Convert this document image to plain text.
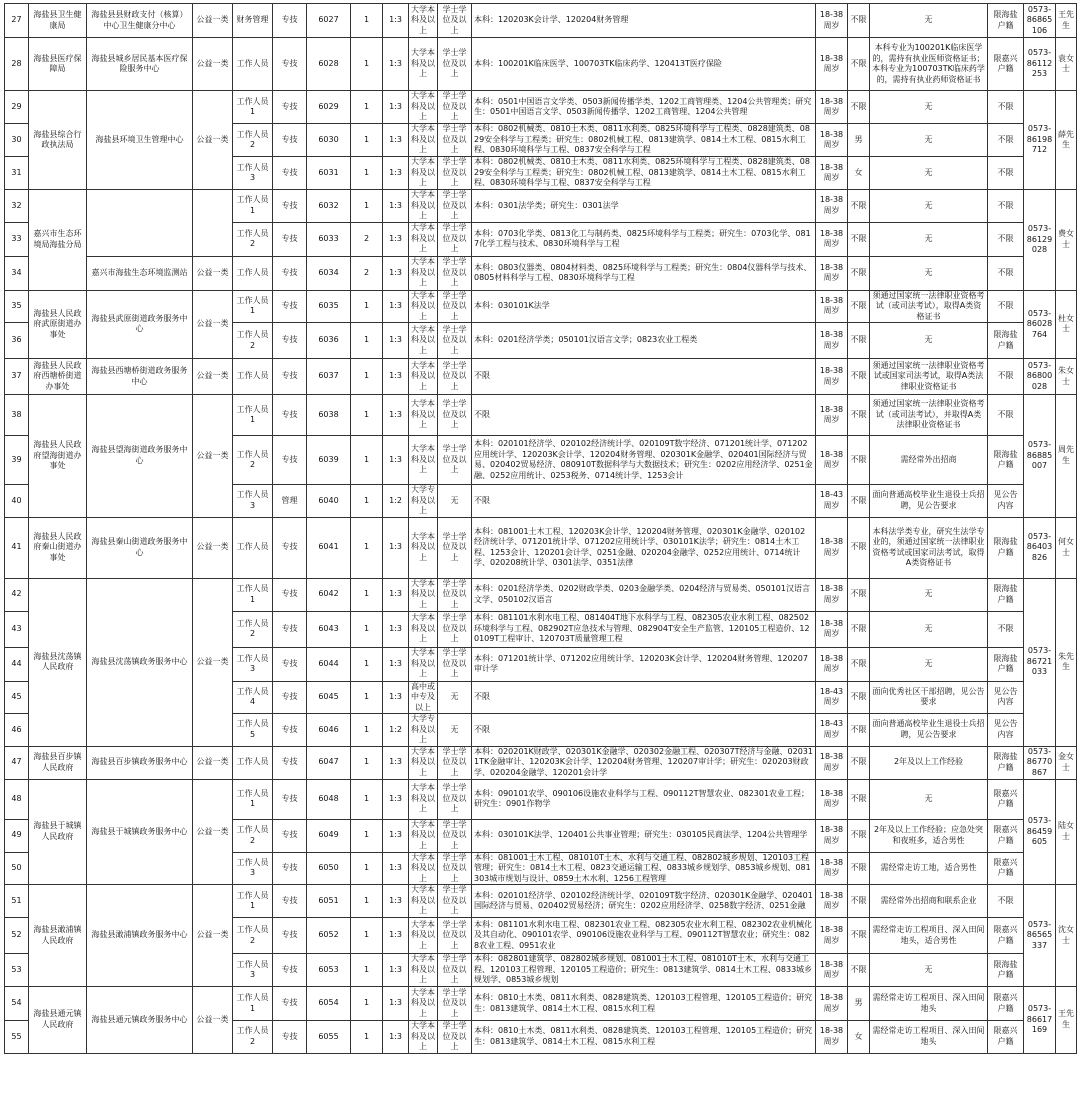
27	海盐县卫生健康局	海盐县县财政支付（核算）中心卫生健康分中心	公益一类	财务管理	专技	6027	1	1:3	大学本科及以上	学士学位及以上	本科：120203K会计学、120204财务管理	18-38周岁	不限	无	限海盐户籍	0573-86865106	王先生
28	海盐县医疗保障局	海盐县城乡居民基本医疗保险服务中心	公益一类	工作人员	专技	6028	1	1:3	大学本科及以上	学士学位及以上	本科：100201K临床医学、100703TK临床药学、120413T医疗保险	18-38周岁	不限	本科专业为100201K临床医学的，需持有执业医师资格证书；本科专业为100703TK临床药学的，需持有执业药师资格证书	限嘉兴户籍	0573-86112253	袁女士
29	海盐县综合行政执法局	海盐县环境卫生管理中心	公益一类	工作人员1	专技	6029	1	1:3	大学本科及以上	学士学位及以上	本科：0501中国语言文学类、0503新闻传播学类、1202工商管理类、1204公共管理类；研究生：0501中国语言文学、0503新闻传播学、1202工商管理、1204公共管理	18-38周岁	不限	无	不限	0573-86198712	薛先生
30				工作人员2	专技	6030	1	1:3	大学本科及以上	学士学位及以上	本科：0802机械类、0810土木类、0811水利类、0825环境科学与工程类、0828建筑类、0829安全科学与工程类；研究生：0802机械工程、0813建筑学、0814土木工程、0815水利工程、0830环境科学与工程、0837安全科学与工程	18-38周岁	男	无	不限		
31				工作人员3	专技	6031	1	1:3	大学本科及以上	学士学位及以上	本科：0802机械类、0810土木类、0811水利类、0825环境科学与工程类、0828建筑类、0829安全科学与工程类；研究生：0802机械工程、0813建筑学、0814土木工程、0815水利工程、0830环境科学与工程、0837安全科学与工程	18-38周岁	女	无	不限		
32	嘉兴市生态环境局海盐分局			工作人员1	专技	6032	1	1:3	大学本科及以上	学士学位及以上	本科：0301法学类；研究生：0301法学	18-38周岁	不限	无	不限	0573-86129028	费女士
33				工作人员2	专技	6033	2	1:3	大学本科及以上	学士学位及以上	本科：0703化学类、0813化工与制药类、0825环境科学与工程类；研究生：0703化学、0817化学工程与技术、0830环境科学与工程	18-38周岁	不限	无	不限		
34		嘉兴市海盐生态环境监测站	公益一类	工作人员	专技	6034	2	1:3	大学本科及以上	学士学位及以上	本科：0803仪器类、0804材料类、0825环境科学与工程类；研究生：0804仪器科学与技术、0805材料科学与工程、0830环境科学与工程	18-38周岁	不限	无	不限		
35	海盐县人民政府武原街道办事处	海盐县武原街道政务服务中心	公益一类	工作人员1	专技	6035	1	1:3	大学本科及以上	学士学位及以上	本科：030101K法学	18-38周岁	不限	须通过国家统一法律职业资格考试（或司法考试），取得A类资格证书	不限	0573-86028764	杜女士
36				工作人员2	专技	6036	1	1:3	大学本科及以上	学士学位及以上	本科：0201经济学类；050101汉语言文学；0823农业工程类	18-38周岁	不限	无	限海盐户籍		
37	海盐县人民政府西塘桥街道办事处	海盐县西塘桥街道政务服务中心	公益一类	工作人员	专技	6037	1	1:3	大学本科及以上	学士学位及以上	不限	18-38周岁	不限	须通过国家统一法律职业资格考试或国家司法考试，取得A类法律职业资格证书	不限	0573-86800028	朱女士
38	海盐县人民政府望海街道办事处	海盐县望海街道政务服务中心	公益一类	工作人员1	专技	6038	1	1:3	大学本科及以上	学士学位及以上	不限	18-38周岁	不限	须通过国家统一法律职业资格考试（或司法考试），并取得A类法律职业资格证书	不限	0573-86885007	周先生
39				工作人员2	专技	6039	1	1:3	大学本科及以上	学士学位及以上	本科：020101经济学、020102经济统计学、020109T数字经济、071201统计学、071202应用统计学、120203K会计学、120204财务管理、020301K金融学、020401国际经济与贸易、020402贸易经济、080910T数据科学与大数据技术；研究生：0202应用经济学、0251金融、0252应用统计、0253税务、0714统计学、1253会计	18-38周岁	不限	需经常外出招商	限海盐户籍		
40				工作人员3	管理	6040	1	1:2	大学专科及以上	无	不限	18-43周岁	不限	面向普通高校毕业生退役士兵招聘，见公告要求	见公告内容		
41	海盐县人民政府秦山街道办事处	海盐县秦山街道政务服务中心	公益一类	工作人员	专技	6041	1	1:3	大学本科及以上	学士学位及以上	本科：081001土木工程、120203K会计学、120204财务管理、020301K金融学、020102经济统计学、071201统计学、071202应用统计学、030101K法学；研究生：0814土木工程、1253会计、120201会计学、0251金融、020204金融学、0252应用统计、0714统计学、020208统计学、0301法学、0351法律	18-38周岁	不限	本科法学类专业，研究生法学专业的，须通过国家统一法律职业资格考试或国家司法考试，取得A类资格证书	限海盐户籍	0573-86403826	何女士
42	海盐县沈荡镇人民政府	海盐县沈荡镇政务服务中心	公益一类	工作人员1	专技	6042	1	1:3	大学本科及以上	学士学位及以上	本科：0201经济学类、0202财政学类、0203金融学类、0204经济与贸易类、050101汉语言文学、050102汉语言	18-38周岁	不限	无	限海盐户籍	0573-86721033	朱先生
43				工作人员2	专技	6043	1	1:3	大学本科及以上	学士学位及以上	本科：081101水利水电工程、081404T地下水科学与工程、082305农业水利工程、082502环境科学与工程、082902T应急技术与管理、082904T安全生产监管、120105工程造价、120109T工程审计、120703T质量管理工程	18-38周岁	不限	无	不限		
44				工作人员3	专技	6044	1	1:3	大学本科及以上	学士学位及以上	本科：071201统计学、071202应用统计学、120203K会计学、120204财务管理、120207审计学	18-38周岁	不限	无	限海盐户籍		
45				工作人员4	专技	6045	1	1:3	高中或中专及以上	无	不限	18-43周岁	不限	面向优秀社区干部招聘，见公告要求	见公告内容		
46				工作人员5	专技	6046	1	1:2	大学专科及以上	无	不限	18-43周岁	不限	面向普通高校毕业生退役士兵招聘，见公告要求	见公告内容		
47	海盐县百步镇人民政府	海盐县百步镇政务服务中心	公益一类	工作人员	专技	6047	1	1:3	大学本科及以上	学士学位及以上	本科：020201K财政学、020301K金融学、020302金融工程、020307T经济与金融、020311TK金融审计、120203K会计学、120204财务管理、120207审计学；研究生：020203财政学、020204金融学、120201会计学	18-38周岁	不限	2年及以上工作经验	限海盐户籍	0573-86770867	金女士
48	海盐县于城镇人民政府	海盐县于城镇政务服务中心	公益一类	工作人员1	专技	6048	1	1:3	大学本科及以上	学士学位及以上	本科：090101农学、090106设施农业科学与工程、090112T智慧农业、082301农业工程；研究生：0901作物学	18-38周岁	不限	无	限嘉兴户籍	0573-86459605	陆女士
49				工作人员2	专技	6049	1	1:3	大学本科及以上	学士学位及以上	本科：030101K法学、120401公共事业管理；研究生：030105民商法学、1204公共管理学	18-38周岁	不限	2年及以上工作经验；应急处突和夜班多，适合男性	限嘉兴户籍		
50				工作人员3	专技	6050	1	1:3	大学本科及以上	学士学位及以上	本科：081001土木工程、081010T土木、水利与交通工程、082802城乡规划、120103工程管理；研究生：0814土木工程、0823交通运输工程、0833城乡规划学、0853城乡规划、081303城市规划与设计、0859土木水利、1256工程管理	18-38周岁	不限	需经常走访工地，适合男性	限嘉兴户籍		
51	海盐县澉浦镇人民政府	海盐县澉浦镇政务服务中心	公益一类	工作人员1	专技	6051	1	1:3	大学本科及以上	学士学位及以上	本科：020101经济学、020102经济统计学、020109T数字经济、020301K金融学、020401国际经济与贸易、020402贸易经济；研究生：0202应用经济学、0258数字经济、0251金融	18-38周岁	不限	需经常外出招商和联系企业	不限	0573-86565337	沈女士
52				工作人员2	专技	6052	1	1:3	大学本科及以上	学士学位及以上	本科：081101水利水电工程、082301农业工程、082305农业水利工程、082302农业机械化及其自动化、090101农学、090106设施农业科学与工程、090112T智慧农业；研究生：0828农业工程、0951农业	18-38周岁	不限	需经常走访工程项目、深入田间地头，适合男性	限嘉兴户籍		
53				工作人员3	专技	6053	1	1:3	大学本科及以上	学士学位及以上	本科：082801建筑学、082802城乡规划、081001土木工程、081010T土木、水利与交通工程、120103工程管理、120105工程造价；研究生：0813建筑学、0814土木工程、0833城乡规划学、0853城乡规划	18-38周岁	不限	无	限海盐户籍		
54	海盐县通元镇人民政府	海盐县通元镇政务服务中心	公益一类	工作人员1	专技	6054	1	1:3	大学本科及以上	学士学位及以上	本科：0810土木类、0811水利类、0828建筑类、120103工程管理、120105工程造价；研究生：0813建筑学、0814土木工程、0815水利工程	18-38周岁	男	需经常走访工程项目、深入田间地头	限嘉兴户籍	0573-86617169	王先生
55				工作人员2	专技	6055	1	1:3	大学本科及以上	学士学位及以上	本科：0810土木类、0811水利类、0828建筑类、120103工程管理、120105工程造价；研究生：0813建筑学、0814土木工程、0815水利工程	18-38周岁	女	需经常走访工程项目、深入田间地头	限嘉兴户籍		
